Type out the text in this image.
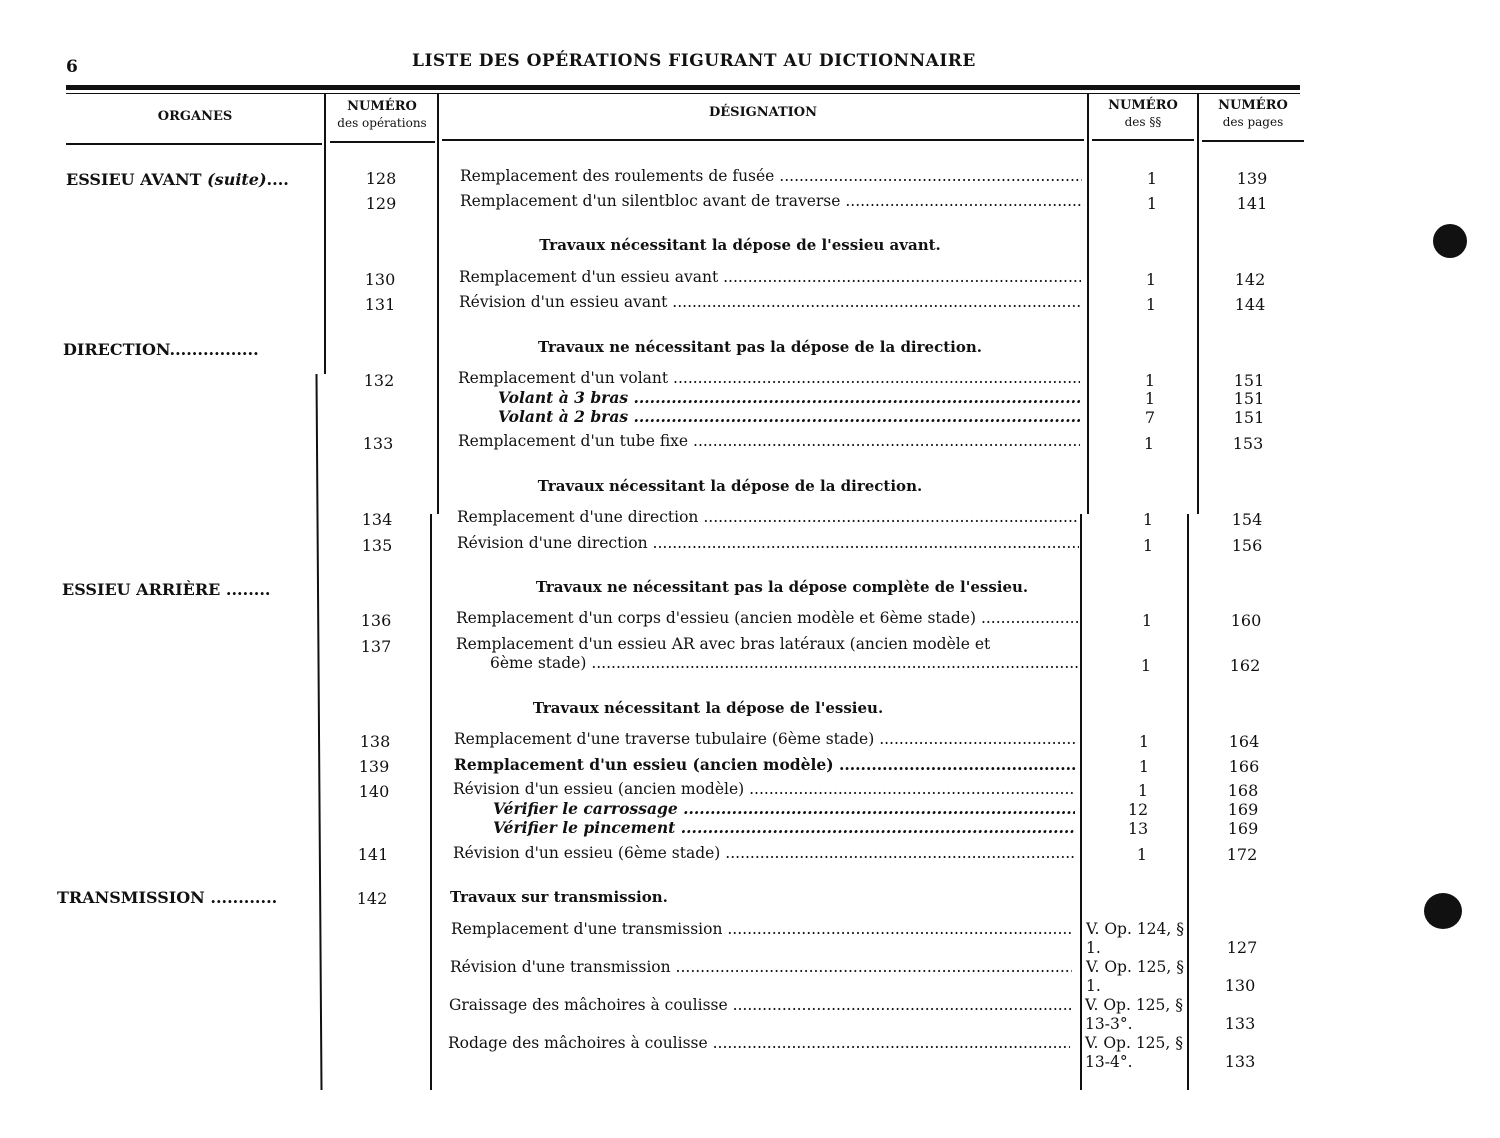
6	LISTE DES OPÉRATIONS FIGURANT AU DICTIONNAIRE
ORGANES
NUMÉRO
des opérations
DÉSIGNATION	NUMÉRO
des §§
NUMÉRO
des pages
ESSIEU AVANT (suite)....
DIRECTION................
ESSIEU ARRIÈRE ........
TRANSMISSION ............
Travaux nécessitant la dépose de l'essieu avant.
Travaux ne nécessitant pas la dépose de la direction.
Travaux nécessitant la dépose de la direction.
Travaux ne nécessitant pas la dépose complète de l'essieu.
Travaux nécessitant la dépose de l'essieu.
Travaux sur transmission.
128
129
130
131
132
133
134
135
136
137
138
139
140
141
142
Remplacement des roulements de fusée .....
Remplacement d'un silentbloc avant de traverse .....
Remplacement d'un essieu avant .....
Révision d'un essieu avant .....
Remplacement d'un volant .....
Volant à 3 bras .....
Volant à 2 bras .....
Remplacement d'un tube fixe .....
Remplacement d'une direction .....
Révision d'une direction .....
Remplacement d'un corps d'essieu (ancien modèle et 6ème stade) .....
Remplacement d'un essieu AR avec bras latéraux (ancien modèle et
6ème stade) .....
Remplacement d'une traverse tubulaire (6ème stade) .....
Remplacement d'un essieu (ancien modèle) .....
Révision d'un essieu (ancien modèle) .....
Vérifier le carrossage .....
Vérifier le pincement .....
Révision d'un essieu (6ème stade) .....
Remplacement d'une transmission .....
Révision d'une transmission .....
Graissage des mâchoires à coulisse .....
Rodage des mâchoires à coulisse .....
1
1
1
1
1
1
7
1
1
1
1
1
1
1
1
12
13
1
V. Op. 124, § 1.
V. Op. 125, § 1.
V. Op. 125, § 13-3°.
V. Op. 125, § 13-4°.
139
141
142
144
151
151
151
153
154
156
160
162
164
166
168
169
169
172
127
130
133
133
